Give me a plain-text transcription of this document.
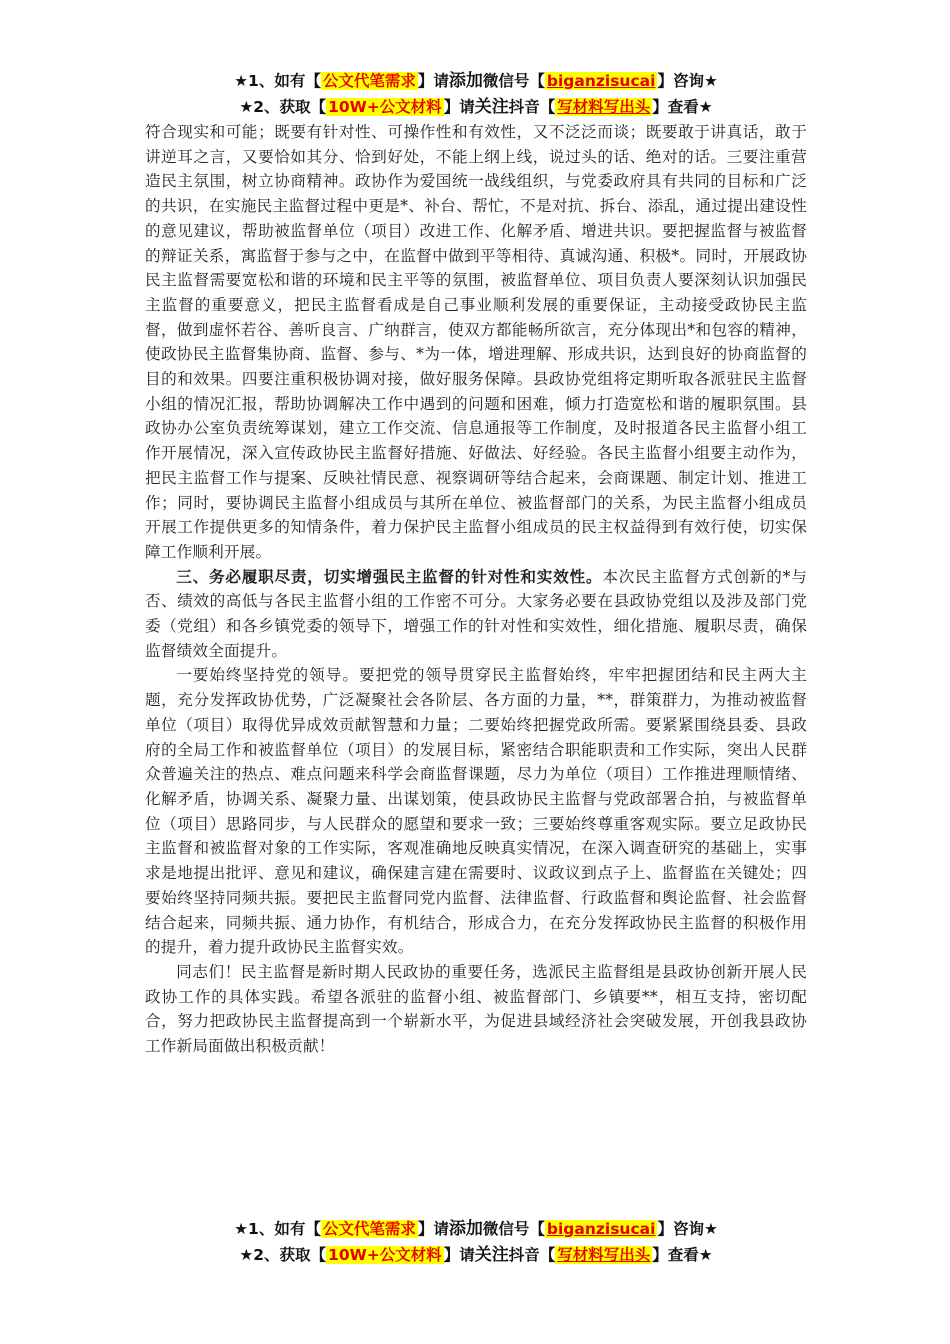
★1、如有【 公文代笔需求 】请添加微信号【 biganzisucai 】咨询★
★2、获取【 10W+公文材料 】请关注抖音【 写材料写出头 】查看★

符合现实和可能；既要有针对性、可操作性和有效性，又不泛泛而谈；既要敢于讲真话，敢于讲逆耳之言，又要恰如其分、恰到好处，不能上纲上线，说过头的话、绝对的话。三要注重营造民主氛围，树立协商精神。政协作为爱国统一战线组织，与党委政府具有共同的目标和广泛的共识，在实施民主监督过程中更是*、补台、帮忙，不是对抗、拆台、添乱，通过提出建设性的意见建议，帮助被监督单位（项目）改进工作、化解矛盾、增进共识。要把握监督与被监督的辩证关系，寓监督于参与之中，在监督中做到平等相待、真诚沟通、积极*。同时，开展政协民主监督需要宽松和谐的环境和民主平等的氛围，被监督单位、项目负责人要深刻认识加强民主监督的重要意义，把民主监督看成是自己事业顺利发展的重要保证，主动接受政协民主监督，做到虚怀若谷、善听良言、广纳群言，使双方都能畅所欲言，充分体现出*和包容的精神，使政协民主监督集协商、监督、参与、*为一体，增进理解、形成共识，达到良好的协商监督的目的和效果。四要注重积极协调对接，做好服务保障。县政协党组将定期听取各派驻民主监督小组的情况汇报，帮助协调解决工作中遇到的问题和困难，倾力打造宽松和谐的履职氛围。县政协办公室负责统筹谋划，建立工作交流、信息通报等工作制度，及时报道各民主监督小组工作开展情况，深入宣传政协民主监督好措施、好做法、好经验。各民主监督小组要主动作为，把民主监督工作与提案、反映社情民意、视察调研等结合起来，会商课题、制定计划、推进工作；同时，要协调民主监督小组成员与其所在单位、被监督部门的关系，为民主监督小组成员开展工作提供更多的知情条件，着力保护民主监督小组成员的民主权益得到有效行使，切实保障工作顺利开展。

三、务必履职尽责，切实增强民主监督的针对性和实效性。本次民主监督方式创新的*与否、绩效的高低与各民主监督小组的工作密不可分。大家务必要在县政协党组以及涉及部门党委（党组）和各乡镇党委的领导下，增强工作的针对性和实效性，细化措施、履职尽责，确保监督绩效全面提升。

一要始终坚持党的领导。要把党的领导贯穿民主监督始终，牢牢把握团结和民主两大主题，充分发挥政协优势，广泛凝聚社会各阶层、各方面的力量，**，群策群力，为推动被监督单位（项目）取得优异成效贡献智慧和力量；二要始终把握党政所需。要紧紧围绕县委、县政府的全局工作和被监督单位（项目）的发展目标，紧密结合职能职责和工作实际，突出人民群众普遍关注的热点、难点问题来科学会商监督课题，尽力为单位（项目）工作推进理顺情绪、化解矛盾，协调关系、凝聚力量、出谋划策，使县政协民主监督与党政部署合拍，与被监督单位（项目）思路同步，与人民群众的愿望和要求一致；三要始终尊重客观实际。要立足政协民主监督和被监督对象的工作实际，客观准确地反映真实情况，在深入调查研究的基础上，实事求是地提出批评、意见和建议，确保建言建在需要时、议政议到点子上、监督监在关键处；四要始终坚持同频共振。要把民主监督同党内监督、法律监督、行政监督和舆论监督、社会监督结合起来，同频共振、通力协作，有机结合，形成合力，在充分发挥政协民主监督的积极作用的提升，着力提升政协民主监督实效。

同志们！民主监督是新时期人民政协的重要任务，选派民主监督组是县政协创新开展人民政协工作的具体实践。希望各派驻的监督小组、被监督部门、乡镇要**，相互支持，密切配合，努力把政协民主监督提高到一个崭新水平，为促进县域经济社会突破发展，开创我县政协工作新局面做出积极贡献！

★1、如有【 公文代笔需求 】请添加微信号【 biganzisucai 】咨询★
★2、获取【 10W+公文材料 】请关注抖音【 写材料写出头 】查看★
